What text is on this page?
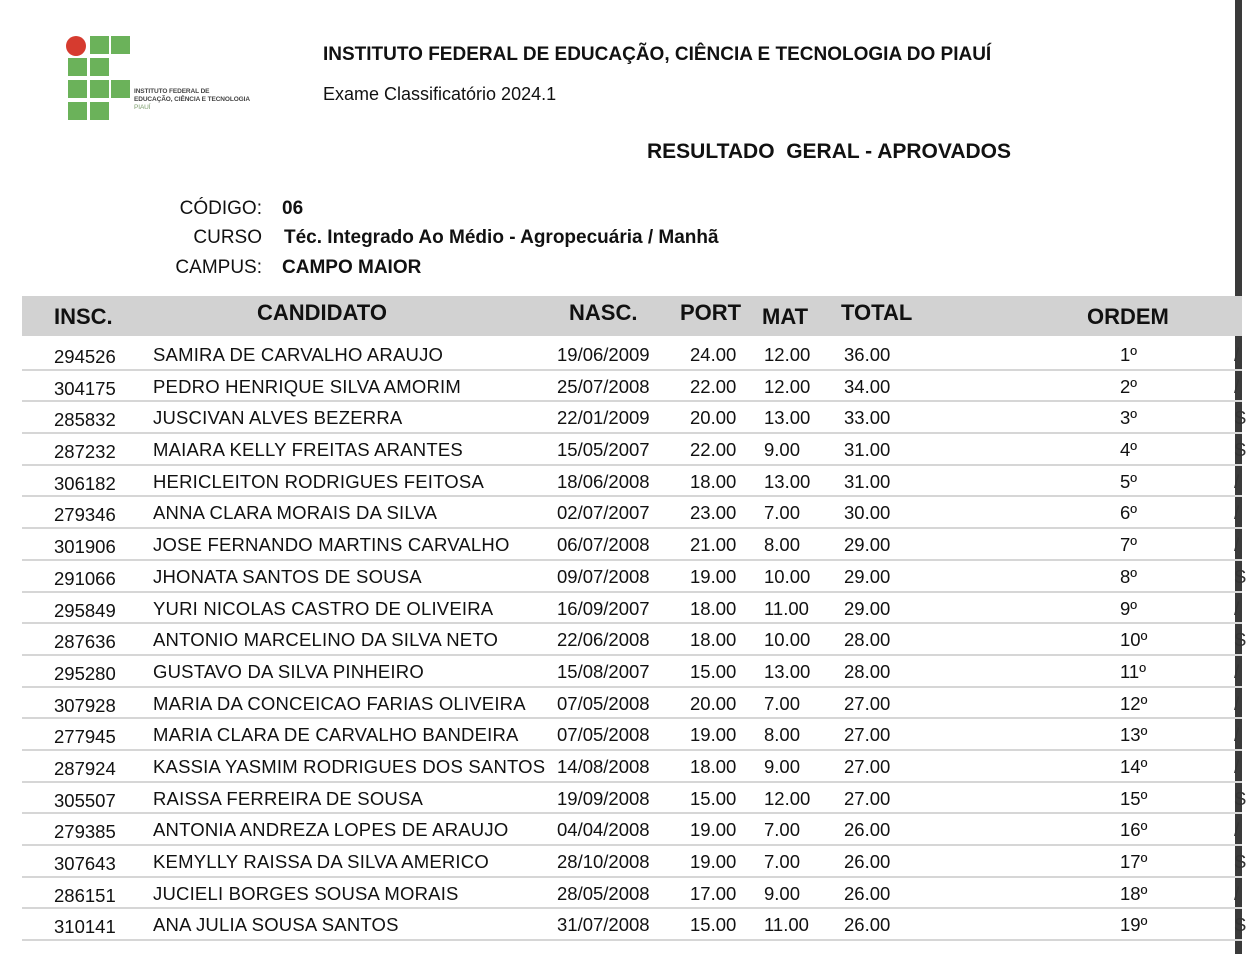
INSTITUTO FEDERAL DE
EDUCAÇÃO, CIÊNCIA E TECNOLOGIA
PIAUÍ
INSTITUTO FEDERAL DE EDUCAÇÃO, CIÊNCIA E TECNOLOGIA DO PIAUÍ
Exame Classificatório 2024.1
RESULTADO  GERAL - APROVADOS
CÓDIGO: 06
CURSO Téc. Integrado Ao Médio - Agropecuária / Manhã
CAMPUS: CAMPO MAIOR
INSC.	CANDIDATO	NASC. PORT MAT TOTAL	ORDEM
294526 SAMIRA DE CARVALHO ARAUJO	19/06/2009 24.00 12.00 36.00	1º	/
304175 PEDRO HENRIQUE SILVA AMORIM	25/07/2008 22.00 12.00 34.00	2º	/
285832 JUSCIVAN ALVES BEZERRA	22/01/2009 20.00 13.00 33.00	3º	S
287232 MAIARA KELLY FREITAS ARANTES	15/05/2007 22.00 9.00 31.00	4º	S
306182 HERICLEITON RODRIGUES FEITOSA	18/06/2008 18.00 13.00 31.00	5º	/
279346 ANNA CLARA MORAIS DA SILVA	02/07/2007 23.00 7.00 30.00	6º	/
301906 JOSE FERNANDO MARTINS CARVALHO	06/07/2008 21.00 8.00 29.00	7º	/
291066 JHONATA SANTOS DE SOUSA	09/07/2008 19.00 10.00 29.00	8º	S
295849 YURI NICOLAS CASTRO DE OLIVEIRA	16/09/2007 18.00 11.00 29.00	9º	/
287636 ANTONIO MARCELINO DA SILVA NETO	22/06/2008 18.00 10.00 28.00	10º	S
295280 GUSTAVO DA SILVA PINHEIRO	15/08/2007 15.00 13.00 28.00	11º	/
307928 MARIA DA CONCEICAO FARIAS OLIVEIRA 07/05/2008 20.00 7.00 27.00	12º	/
277945 MARIA CLARA DE CARVALHO BANDEIRA 07/05/2008 19.00 8.00 27.00	13º	/
287924 KASSIA YASMIM RODRIGUES DOS SANTOS 14/08/2008 18.00 9.00 27.00	14º	/
305507 RAISSA FERREIRA DE SOUSA	19/09/2008 15.00 12.00 27.00	15º	S
279385 ANTONIA ANDREZA LOPES DE ARAUJO	04/04/2008 19.00 7.00 26.00	16º	/
307643 KEMYLLY RAISSA DA SILVA AMERICO	28/10/2008 19.00 7.00 26.00	17º	S
286151 JUCIELI BORGES SOUSA MORAIS	28/05/2008 17.00 9.00 26.00	18º	/
310141 ANA JULIA SOUSA SANTOS	31/07/2008 15.00 11.00 26.00	19º	S
